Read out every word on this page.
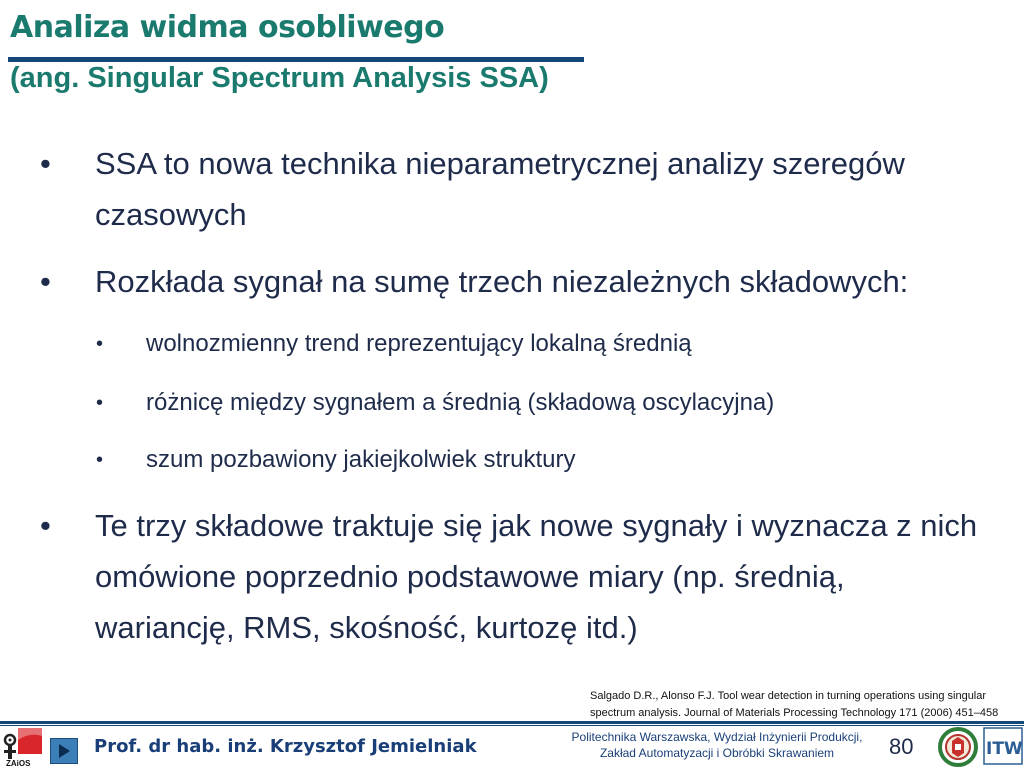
Analiza widma osobliwego
(ang. Singular Spectrum Analysis SSA)
• SSA to nowa technika nieparametrycznej analizy szeregów czasowych
• Rozkłada sygnał na sumę trzech niezależnych składowych:
• wolnozmienny trend reprezentujący lokalną średnią
• różnicę między sygnałem a średnią (składową oscylacyjna)
• szum pozbawiony jakiejkolwiek struktury
• Te trzy składowe traktuje się jak nowe sygnały i wyznacza z nich omówione poprzednio podstawowe miary (np. średnią, wariancję, RMS, skośność, kurtozę itd.)
Salgado D.R., Alonso F.J. Tool wear detection in turning operations using singular spectrum analysis. Journal of Materials Processing Technology 171 (2006) 451–458
ZAiOS
Prof. dr hab. inż. Krzysztof Jemielniak	Politechnika Warszawska, Wydział Inżynierii Produkcji,
Zakład Automatyzacji i Obróbki Skrawaniem	80	ITW
